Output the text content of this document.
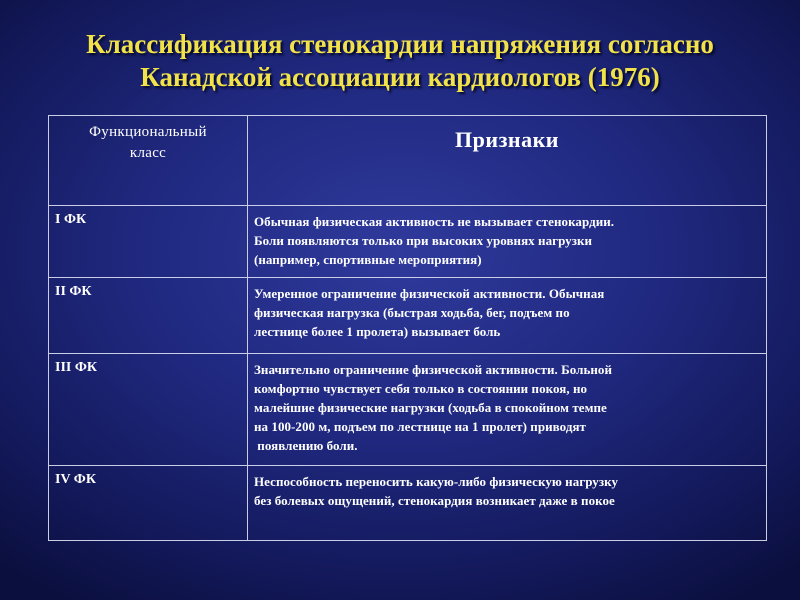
Классификация стенокардии напряжения согласно
Канадской ассоциации кардиологов (1976)
Функциональный
класс	Признаки
I ФК	Обычная физическая активность не вызывает стенокардии.
Боли появляются только при высоких уровнях нагрузки
(например, спортивные мероприятия)

II ФК	Умеренное ограничение физической активности. Обычная
физическая нагрузка (быстрая ходьба, бег, подъем по
лестнице более 1 пролета) вызывает боль

III ФК	Значительно ограничение физической активности. Больной
комфортно чувствует себя только в состоянии покоя, но
малейшие физические нагрузки (ходьба в спокойном темпе
на 100-200 м, подъем по лестнице на 1 пролет) приводят
появлению боли.

IV ФК	Неспособность переносить какую-либо физическую нагрузку
без болевых ощущений, стенокардия возникает даже в покое
